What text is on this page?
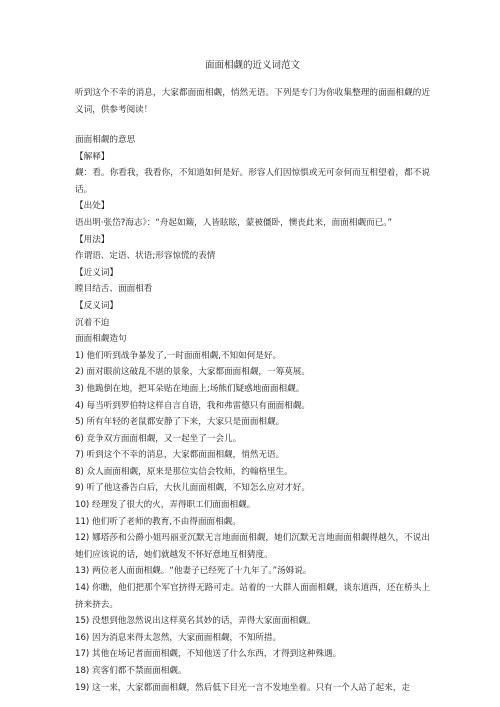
面面相觑的近义词范文
听到这个不幸的消息，大家都面面相觑，悄然无语。下列是专门为你收集整理的面面相觑的近义词，供参考阅读！
面面相觑的意思
【解释】
觑：看。你看我，我看你，不知道如何是好。形容人们因惊惧或无可奈何而互相望着，都不说话。
【出处】
语出明·张岱?海志》：“舟起如簸，人皆眩眩，蒙被僵卧，懊丧此来，面面相觑而已。”
【用法】
作谓语、定语、状语;形容惊慌的表情
【近义词】
瞠目结舌、面面相看
【反义词】
沉着不迫
面面相觑造句
1) 他们听到战争暴发了,一时面面相觑,不知如何是好。
2) 面对眼前这破乱不堪的景象，大家都面面相觑，一筹莫展。
3) 他跪倒在地，把耳朵贴在地面上;场熊们疑惑地面面相觑。
4) 每当听到罗伯特这样自言自语，我和弗雷德只有面面相觑。
5) 所有年轻的老鼠都安静了下来，大家只是面面相觑。
6) 竞争双方面面相觑，又一起坐了一会儿。
7) 听到这个不幸的消息，大家都面面相觑，悄然无语。
8) 众人面面相觑，原来是那位实信会牧师，约翰格里生。
9) 听了他这番告白后，大伙儿面面相觑，不知怎么应对才好。
10) 经理发了很大的火，弄得职工们面面相觑。
11) 他们听了老师的教育,不由得面面相觑。
12) 娜塔莎和公爵小姐玛丽亚沉默无言地面面相觑，她们沉默无言地面面相觑得越久，不说出她们应该说的话，她们就越发不怀好意地互相猜度。
13) 两位老人面面相觑。“他妻子已经死了十九年了。”汤姆说。
14) 你瞧，他们把那个军官挤得无路可走。站着的一大群人面面相觑，谈东道西，还在桥头上挤来挤去。
15) 没想到他忽然说出这样莫名其妙的话，弄得大家面面相觑。
16) 因为消息来得太忽然，大家面面相觑，不知所措。
17) 其他在场记者面面相觑，不知他送了什么东西，才得到这种殊遇。
18) 宾客们都不禁面面相觑。
19) 这一来，大家都面面相觑，然后低下目光一言不发地坐着。只有一个人站了起来，走
